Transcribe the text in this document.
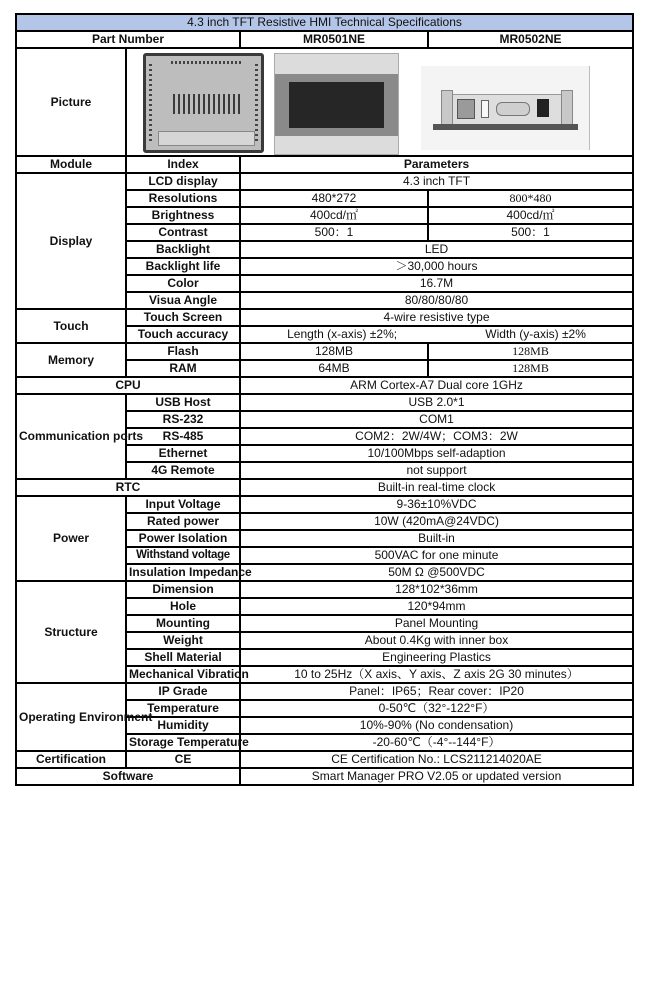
4.3 inch TFT Resistive HMI Technical Specifications			
Part Number		MR0501NE	MR0502NE
Picture			

Module	Index	Parameters	
Display	LCD display	4.3 inch TFT	
	Resolutions	480*272	800*480
	Brightness	400cd/㎡	400cd/㎡
	Contrast	500：1	500：1
	Backlight	LED	
	Backlight life	＞30,000 hours	
	Color	16.7M	
	Visua Angle	80/80/80/80	
Touch	Touch Screen	4-wire resistive type	
	Touch accuracy	Length (x-axis) ±2%; Width (y-axis) ±2%	

Memory	Flash	128MB	128MB
	RAM	64MB	128MB
CPU		ARM Cortex-A7 Dual core 1GHz	
Communication ports	USB Host	USB 2.0*1	
	RS-232	COM1	
	RS-485	COM2：2W/4W；COM3：2W	
	Ethernet	10/100Mbps self-adaption	
	4G Remote	not support	
RTC		Built-in real-time clock	
Power	Input Voltage	9-36±10%VDC	
	Rated power	10W (420mA@24VDC)	
	Power Isolation	Built-in	
	Withstand voltage	500VAC for one minute	
	Insulation Impedance	50M Ω @500VDC	
Structure	Dimension	128*102*36mm	
	Hole	120*94mm	
	Mounting	Panel Mounting	
	Weight	About 0.4Kg with inner box	
	Shell Material	Engineering Plastics	
	Mechanical Vibration	10 to 25Hz（X axis、Y axis、Z axis 2G 30 minutes）	
Operating Environment	IP Grade	Panel：IP65；Rear cover：IP20	
	Temperature	0-50℃（32°-122°F）	
	Humidity	10%-90% (No condensation)	
	Storage Temperature	-20-60℃（-4°--144°F）	
Certification	CE	CE Certification No.: LCS211214020AE	
Software		Smart Manager PRO V2.05 or updated version	
